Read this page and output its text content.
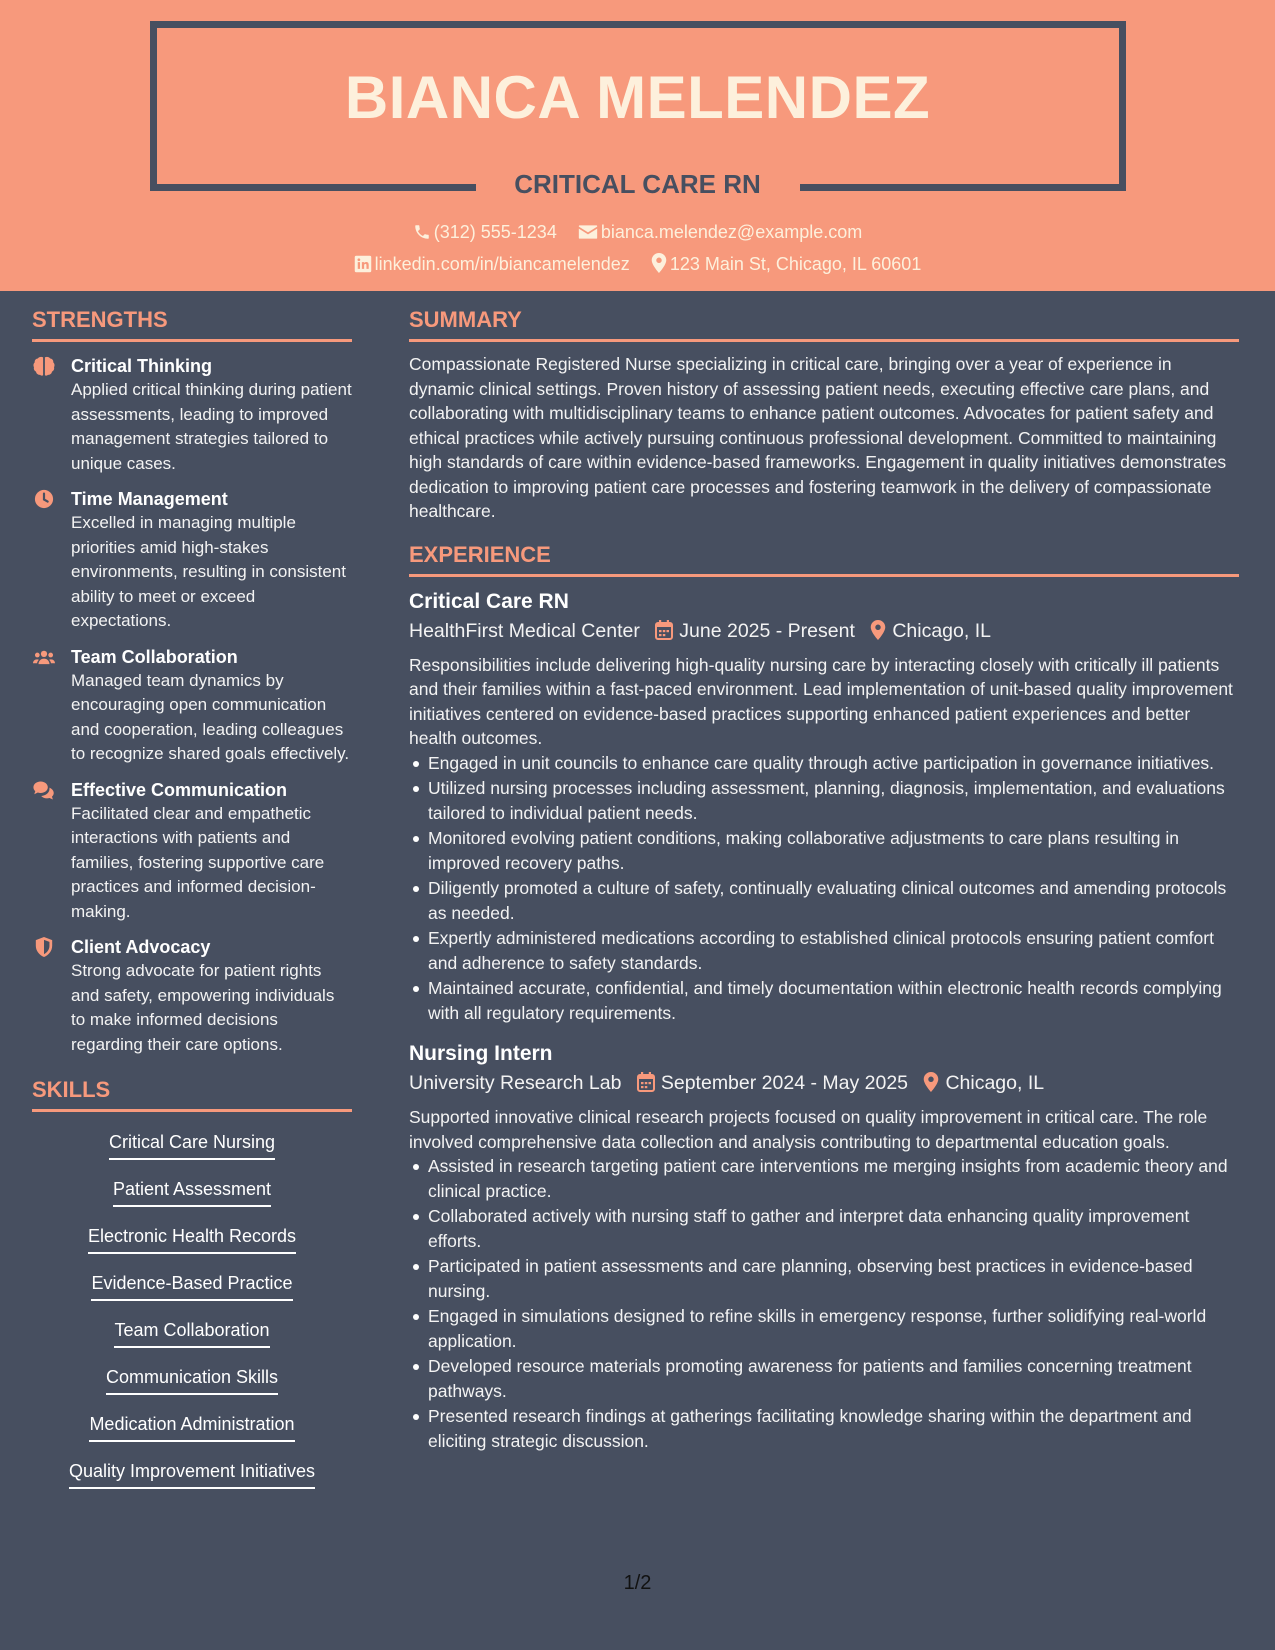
BIANCA MELENDEZ
CRITICAL CARE RN
(312) 555-1234 bianca.melendez@example.com
linkedin.com/in/biancamelendez 123 Main St, Chicago, IL 60601
STRENGTHS
Critical Thinking
Applied critical thinking during patient assessments, leading to improved management strategies tailored to unique cases.
Time Management
Excelled in managing multiple priorities amid high-stakes environments, resulting in consistent ability to meet or exceed expectations.
Team Collaboration
Managed team dynamics by encouraging open communication and cooperation, leading colleagues to recognize shared goals effectively.
Effective Communication
Facilitated clear and empathetic interactions with patients and families, fostering supportive care practices and informed decision-making.
Client Advocacy
Strong advocate for patient rights and safety, empowering individuals to make informed decisions regarding their care options.
SKILLS
Critical Care Nursing
Patient Assessment
Electronic Health Records
Evidence-Based Practice
Team Collaboration
Communication Skills
Medication Administration
Quality Improvement Initiatives
SUMMARY
Compassionate Registered Nurse specializing in critical care, bringing over a year of experience in dynamic clinical settings. Proven history of assessing patient needs, executing effective care plans, and collaborating with multidisciplinary teams to enhance patient outcomes. Advocates for patient safety and ethical practices while actively pursuing continuous professional development. Committed to maintaining high standards of care within evidence-based frameworks. Engagement in quality initiatives demonstrates dedication to improving patient care processes and fostering teamwork in the delivery of compassionate healthcare.
EXPERIENCE
Critical Care RN
HealthFirst Medical Center June 2025 - Present Chicago, IL
Responsibilities include delivering high-quality nursing care by interacting closely with critically ill patients and their families within a fast-paced environment. Lead implementation of unit-based quality improvement initiatives centered on evidence-based practices supporting enhanced patient experiences and better health outcomes.
Engaged in unit councils to enhance care quality through active participation in governance initiatives.
Utilized nursing processes including assessment, planning, diagnosis, implementation, and evaluations tailored to individual patient needs.
Monitored evolving patient conditions, making collaborative adjustments to care plans resulting in improved recovery paths.
Diligently promoted a culture of safety, continually evaluating clinical outcomes and amending protocols as needed.
Expertly administered medications according to established clinical protocols ensuring patient comfort and adherence to safety standards.
Maintained accurate, confidential, and timely documentation within electronic health records complying with all regulatory requirements.
Nursing Intern
University Research Lab September 2024 - May 2025 Chicago, IL
Supported innovative clinical research projects focused on quality improvement in critical care. The role involved comprehensive data collection and analysis contributing to departmental education goals.
Assisted in research targeting patient care interventions me merging insights from academic theory and clinical practice.
Collaborated actively with nursing staff to gather and interpret data enhancing quality improvement efforts.
Participated in patient assessments and care planning, observing best practices in evidence-based nursing.
Engaged in simulations designed to refine skills in emergency response, further solidifying real-world application.
Developed resource materials promoting awareness for patients and families concerning treatment pathways.
Presented research findings at gatherings facilitating knowledge sharing within the department and eliciting strategic discussion.
1/2
